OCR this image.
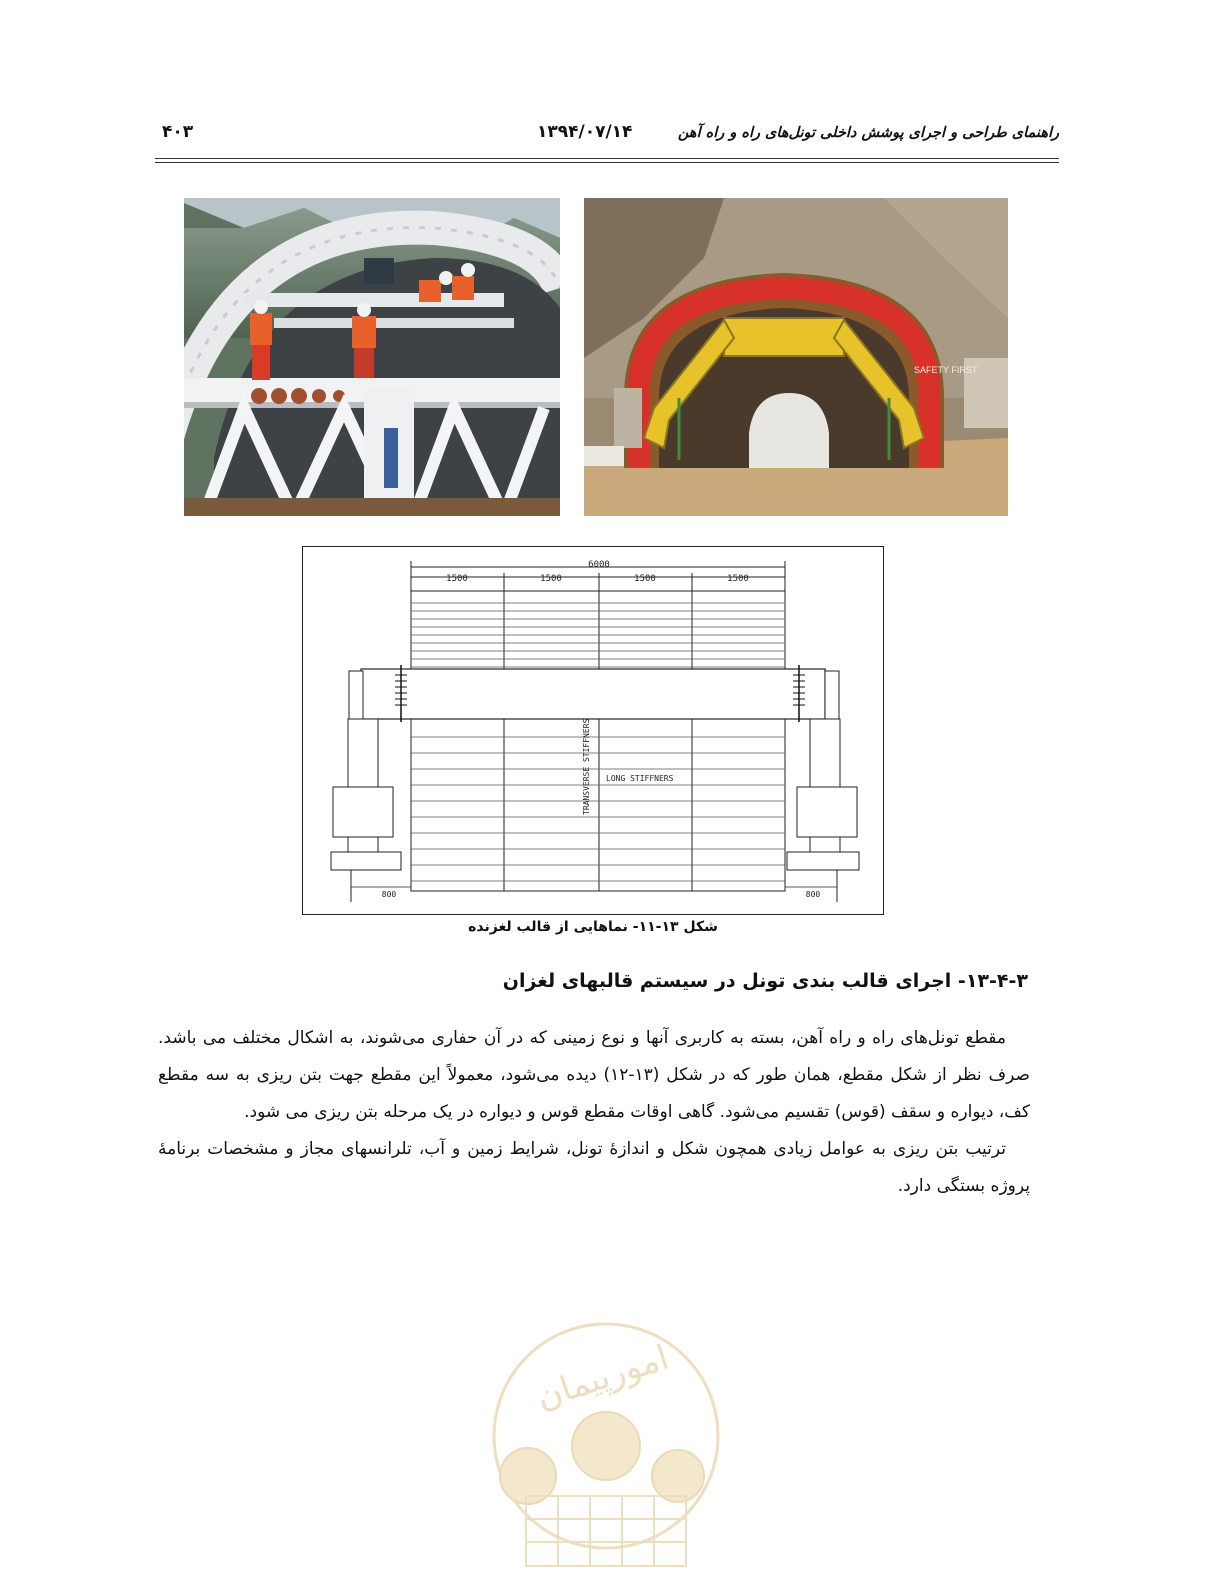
راهنمای طراحی و اجرای پوشش داخلی تونل‌های راه و راه آهن
۱۳۹۴/۰۷/۱۴
۴۰۳
SAFETY FIRST
6000
1500	1500	1500	1500
TRANSVERSE STIFFNERS LONG STIFFNERS
800	800
شکل ۱۳-۱۱- نماهایی از قالب لغزنده
۱۳-۴-۳- اجرای قالب بندی تونل در سیستم قالبهای لغزان

مقطع تونل‌های راه و راه آهن، بسته به کاربری آنها و نوع زمینی که در آن حفاری می‌شوند، به اشکال مختلف می باشد. صرف نظر از شکل مقطع، همان طور که در شکل (۱۳-۱۲) دیده می‌شود، معمولاً این مقطع جهت بتن ریزی به سه مقطع کف، دیواره و سقف (قوس) تقسیم می‌شود. گاهی اوقات مقطع قوس و دیواره در یک مرحله بتن ریزی می شود.

ترتیب بتن ریزی به عوامل زیادی همچون شکل و اندازهٔ تونل، شرایط زمین و آب، تلرانسهای مجاز و مشخصات برنامهٔ پروژه بستگی دارد.

امورپیمان
